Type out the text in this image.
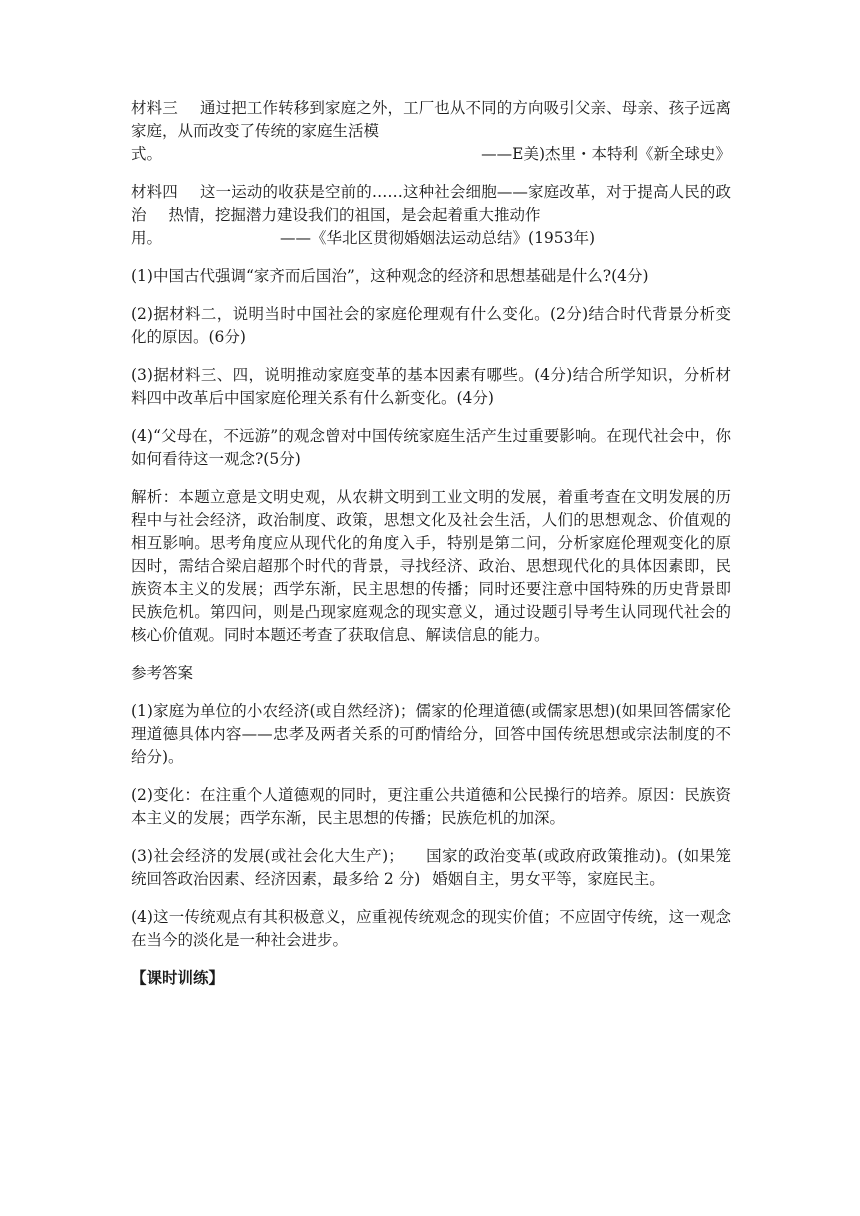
材料三 通过把工作转移到家庭之外，工厂也从不同的方向吸引父亲、母亲、孩子远离家庭，从而改变了传统的家庭生活模
式。	——E美)杰里・本特利《新全球史》

材料四 这一运动的收获是空前的……这种社会细胞——家庭改革，对于提高人民的政治 热情，挖掘潜力建设我们的祖国，是会起着重大推动作
用。	——《华北区贯彻婚姻法运动总结》(1953年)

(1)中国古代强调“家齐而后国治”，这种观念的经济和思想基础是什么?(4分)

(2)据材料二，说明当时中国社会的家庭伦理观有什么变化。(2分)结合时代背景分析变化的原因。(6分)

(3)据材料三、四，说明推动家庭变革的基本因素有哪些。(4分)结合所学知识，分析材料四中改革后中国家庭伦理关系有什么新变化。(4分)

(4)“父母在，不远游”的观念曾对中国传统家庭生活产生过重要影响。在现代社会中，你如何看待这一观念?(5分)

解析：本题立意是文明史观，从农耕文明到工业文明的发展，着重考查在文明发展的历程中与社会经济，政治制度、政策，思想文化及社会生活，人们的思想观念、价值观的相互影响。思考角度应从现代化的角度入手，特别是第二问，分析家庭伦理观变化的原因时，需结合梁启超那个时代的背景，寻找经济、政治、思想现代化的具体因素即，民族资本主义的发展；西学东渐，民主思想的传播；同时还要注意中国特殊的历史背景即民族危机。第四问，则是凸现家庭观念的现实意义，通过设题引导考生认同现代社会的核心价值观。同时本题还考查了获取信息、解读信息的能力。

参考答案

(1)家庭为单位的小农经济(或自然经济)；儒家的伦理道德(或儒家思想)(如果回答儒家伦理道德具体内容——忠孝及两者关系的可酌情给分，回答中国传统思想或宗法制度的不给分)。

(2)变化：在注重个人道德观的同时，更注重公共道德和公民操行的培养。原因：民族资本主义的发展；西学东渐，民主思想的传播；民族危机的加深。

(3)社会经济的发展(或社会化大生产)； 国家的政治变革(或政府政策推动)。(如果笼统回答政治因素、经济因素，最多给 2 分) 婚姻自主，男女平等，家庭民主。

(4)这一传统观点有其积极意义，应重视传统观念的现实价值；不应固守传统，这一观念在当今的淡化是一种社会进步。

【课时训练】
